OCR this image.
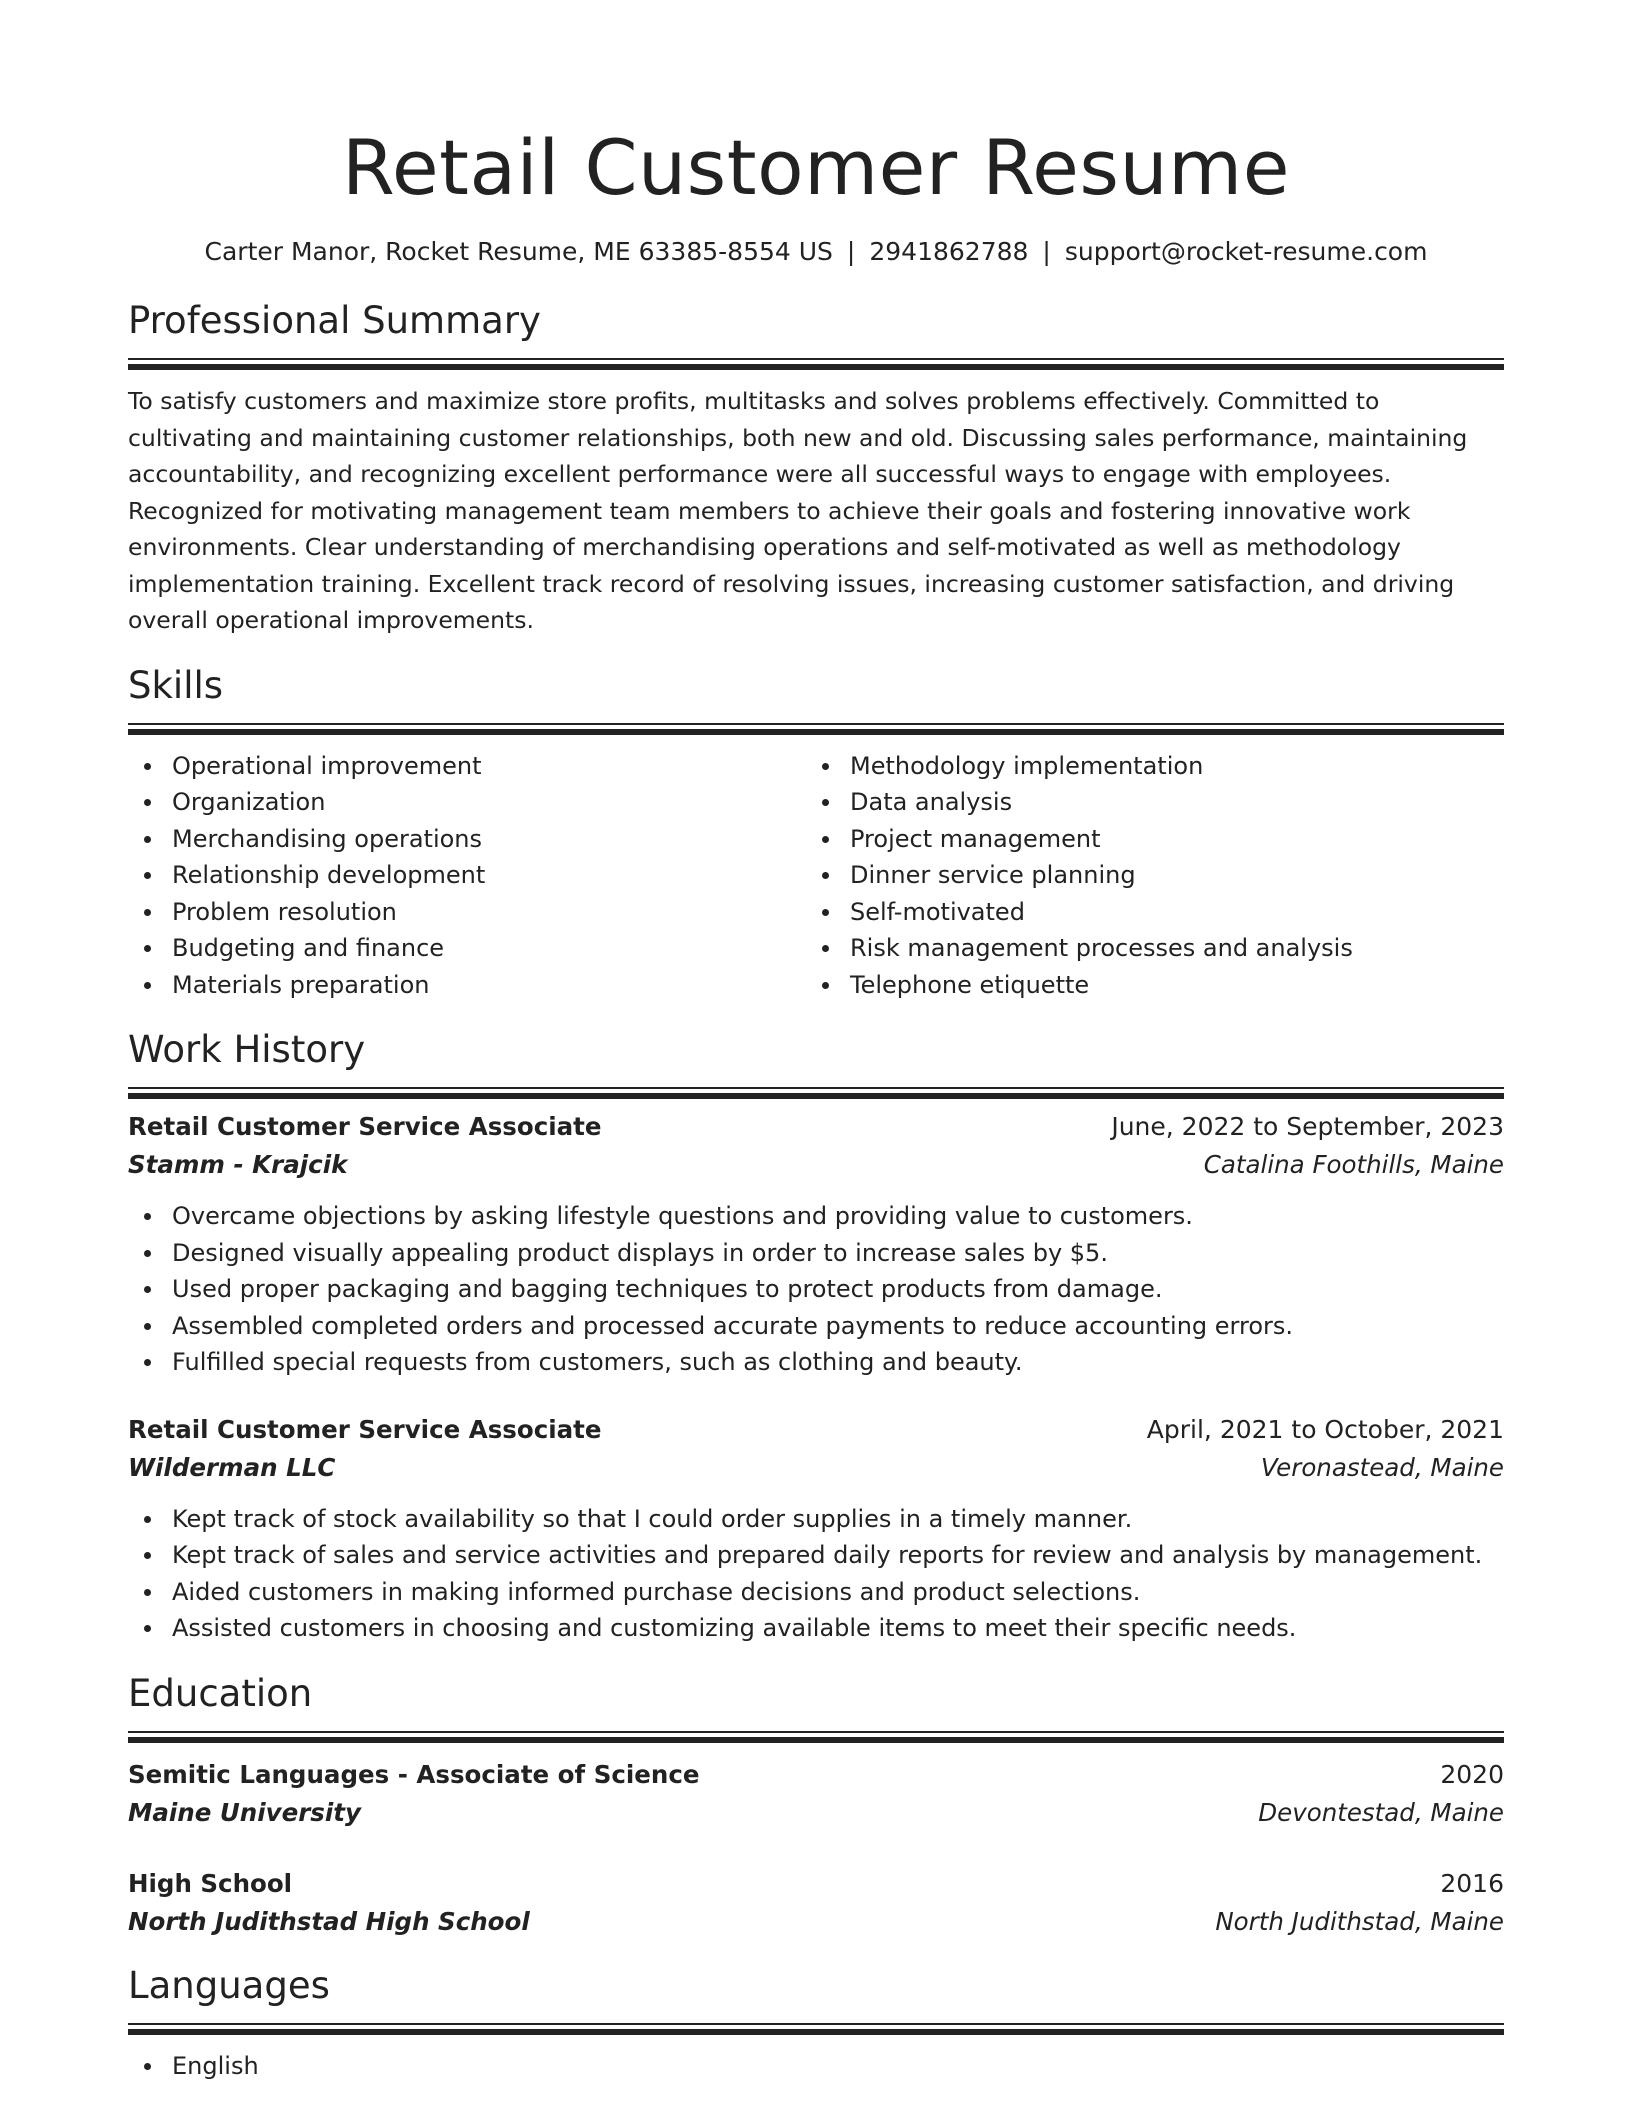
Retail Customer Resume
Carter Manor, Rocket Resume, ME 63385-8554 US | 2941862788 | support@rocket-resume.com
Professional Summary

To satisfy customers and maximize store profits, multitasks and solves problems effectively. Committed to cultivating and maintaining customer relationships, both new and old. Discussing sales performance, maintaining accountability, and recognizing excellent performance were all successful ways to engage with employees. Recognized for motivating management team members to achieve their goals and fostering innovative work environments. Clear understanding of merchandising operations and self-motivated as well as methodology implementation training. Excellent track record of resolving issues, increasing customer satisfaction, and driving overall operational improvements.

Skills
Operational improvement
Organization
Merchandising operations
Relationship development
Problem resolution
Budgeting and finance
Materials preparation
Methodology implementation
Data analysis
Project management
Dinner service planning
Self-motivated
Risk management processes and analysis
Telephone etiquette
Work History
Retail Customer Service Associate	June, 2022 to September, 2023
Stamm - Krajcik	Catalina Foothills, Maine
Overcame objections by asking lifestyle questions and providing value to customers.
Designed visually appealing product displays in order to increase sales by $5.
Used proper packaging and bagging techniques to protect products from damage.
Assembled completed orders and processed accurate payments to reduce accounting errors.
Fulfilled special requests from customers, such as clothing and beauty.
Retail Customer Service Associate	April, 2021 to October, 2021
Wilderman LLC	Veronastead, Maine
Kept track of stock availability so that I could order supplies in a timely manner.
Kept track of sales and service activities and prepared daily reports for review and analysis by management.
Aided customers in making informed purchase decisions and product selections.
Assisted customers in choosing and customizing available items to meet their specific needs.
Education
Semitic Languages - Associate of Science	2020
Maine University	Devontestad, Maine
High School	2016
North Judithstad High School	North Judithstad, Maine
Languages
English
